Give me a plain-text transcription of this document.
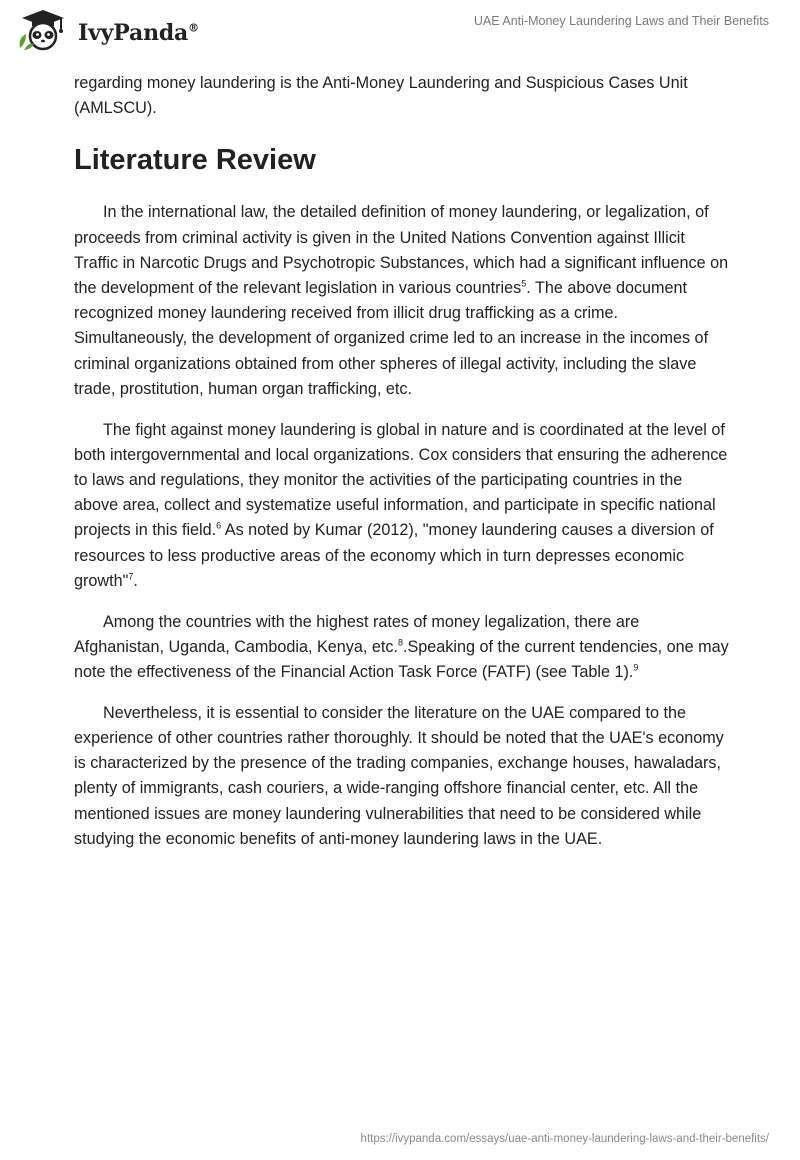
IvyPanda®	UAE Anti-Money Laundering Laws and Their Benefits

regarding money laundering is the Anti-Money Laundering and Suspicious Cases Unit (AMLSCU).

Literature Review

In the international law, the detailed definition of money laundering, or legalization, of proceeds from criminal activity is given in the United Nations Convention against Illicit Traffic in Narcotic Drugs and Psychotropic Substances, which had a significant influence on the development of the relevant legislation in various countries$^5$. The above document recognized money laundering received from illicit drug trafficking as a crime. Simultaneously, the development of organized crime led to an increase in the incomes of criminal organizations obtained from other spheres of illegal activity, including the slave trade, prostitution, human organ trafficking, etc.

The fight against money laundering is global in nature and is coordinated at the level of both intergovernmental and local organizations. Cox considers that ensuring the adherence to laws and regulations, they monitor the activities of the participating countries in the above area, collect and systematize useful information, and participate in specific national projects in this field.$^6$ As noted by Kumar (2012), "money laundering causes a diversion of resources to less productive areas of the economy which in turn depresses economic growth"$^7$.

Among the countries with the highest rates of money legalization, there are Afghanistan, Uganda, Cambodia, Kenya, etc.$^8$.Speaking of the current tendencies, one may note the effectiveness of the Financial Action Task Force (FATF) (see Table 1).$^9$

Nevertheless, it is essential to consider the literature on the UAE compared to the experience of other countries rather thoroughly. It should be noted that the UAE's economy is characterized by the presence of the trading companies, exchange houses, hawaladars, plenty of immigrants, cash couriers, a wide-ranging offshore financial center, etc. All the mentioned issues are money laundering vulnerabilities that need to be considered while studying the economic benefits of anti-money laundering laws in the UAE.

https://ivypanda.com/essays/uae-anti-money-laundering-laws-and-their-benefits/
